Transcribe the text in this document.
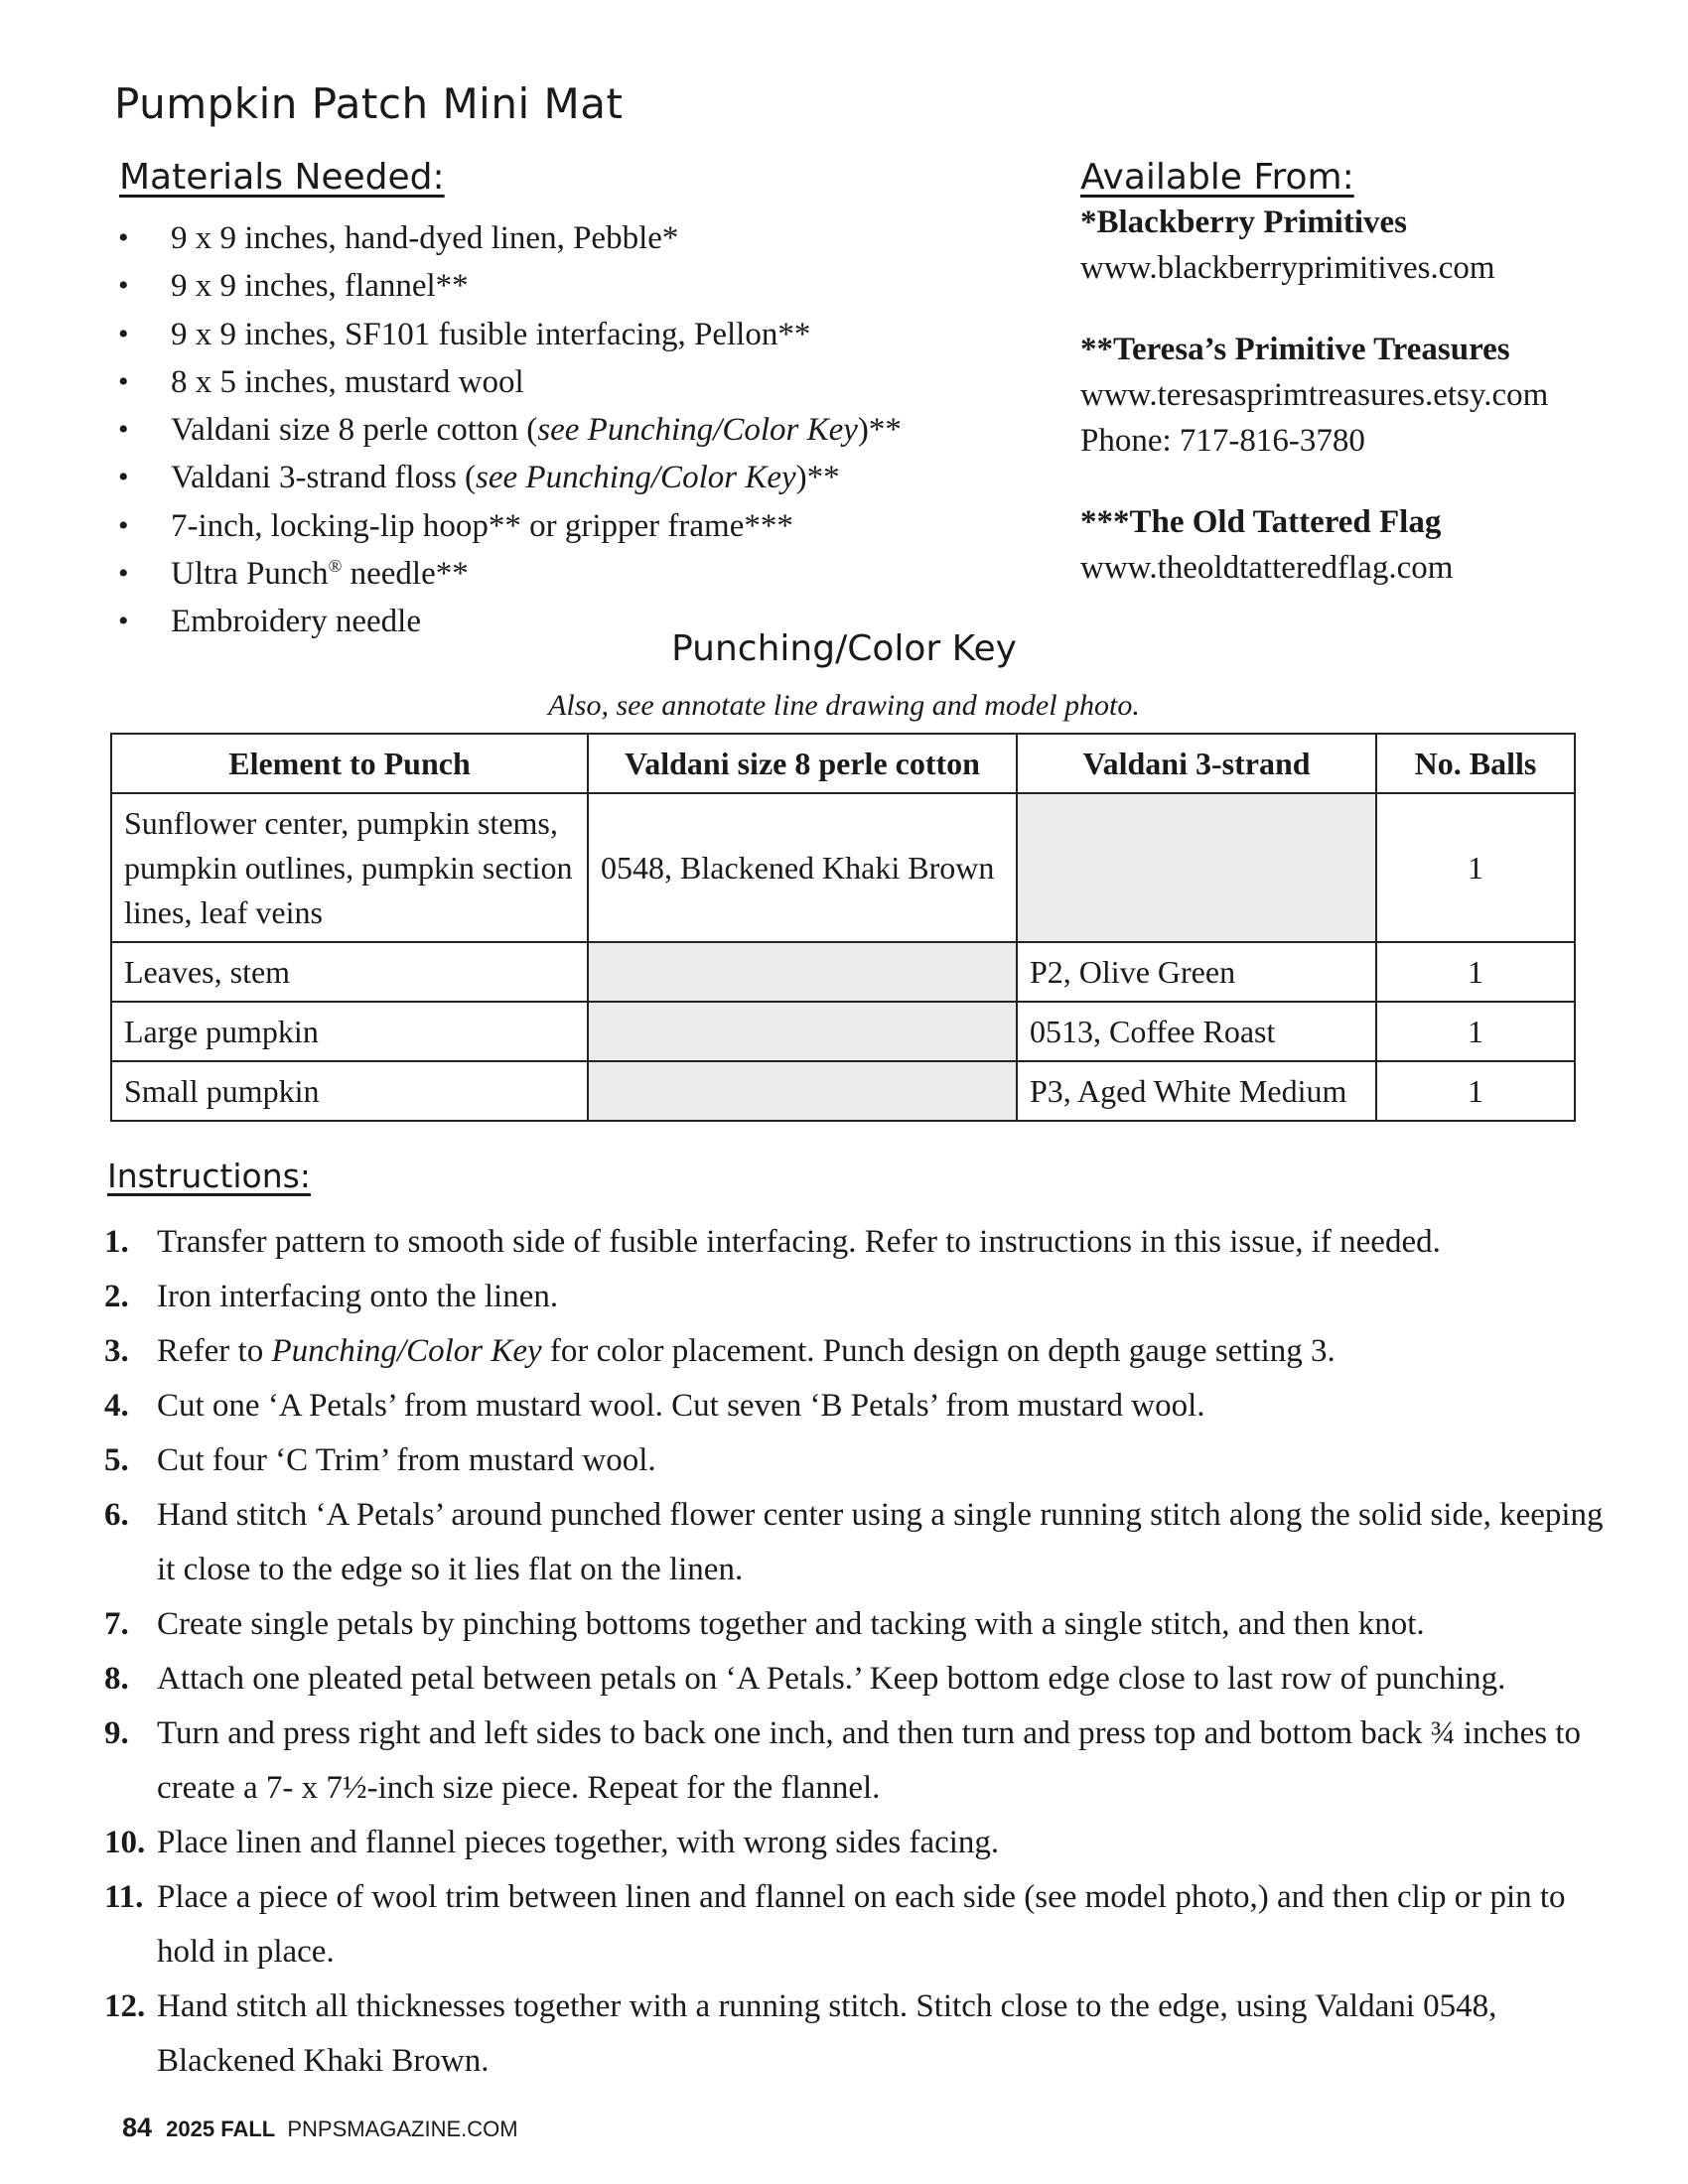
Pumpkin Patch Mini Mat
Materials Needed:
• 9 x 9 inches, hand-dyed linen, Pebble*
• 9 x 9 inches, flannel**
• 9 x 9 inches, SF101 fusible interfacing, Pellon**
• 8 x 5 inches, mustard wool
• Valdani size 8 perle cotton (see Punching/Color Key)**
• Valdani 3-strand floss (see Punching/Color Key)**
• 7-inch, locking-lip hoop** or gripper frame***
• Ultra Punch® needle**
• Embroidery needle
Available From:
*Blackberry Primitives
www.blackberryprimitives.com
**Teresa’s Primitive Treasures
www.teresasprimtreasures.etsy.com
Phone: 717-816-3780
***The Old Tattered Flag
www.theoldtatteredflag.com
Punching/Color Key
Also, see annotate line drawing and model photo.
Element to Punch	Valdani size 8 perle cotton	Valdani 3-strand	No. Balls
Sunflower center, pumpkin stems, pumpkin outlines, pumpkin section lines, leaf veins	0548, Blackened Khaki Brown		1
Leaves, stem		P2, Olive Green	1
Large pumpkin		0513, Coffee Roast	1
Small pumpkin		P3, Aged White Medium	1
Instructions:
1. Transfer pattern to smooth side of fusible interfacing. Refer to instructions in this issue, if needed.
2. Iron interfacing onto the linen.
3. Refer to Punching/Color Key for color placement. Punch design on depth gauge setting 3.
4. Cut one ‘A Petals’ from mustard wool. Cut seven ‘B Petals’ from mustard wool.
5. Cut four ‘C Trim’ from mustard wool.
6. Hand stitch ‘A Petals’ around punched flower center using a single running stitch along the solid side, keeping it close to the edge so it lies flat on the linen.
7. Create single petals by pinching bottoms together and tacking with a single stitch, and then knot.
8. Attach one pleated petal between petals on ‘A Petals.’ Keep bottom edge close to last row of punching.
9. Turn and press right and left sides to back one inch, and then turn and press top and bottom back ¾ inches to create a 7- x 7½-inch size piece. Repeat for the flannel.
10. Place linen and flannel pieces together, with wrong sides facing.
11. Place a piece of wool trim between linen and flannel on each side (see model photo,) and then clip or pin to hold in place.
12. Hand stitch all thicknesses together with a running stitch. Stitch close to the edge, using Valdani 0548, Blackened Khaki Brown.
84 2025 FALL PNPSMAGAZINE.COM
